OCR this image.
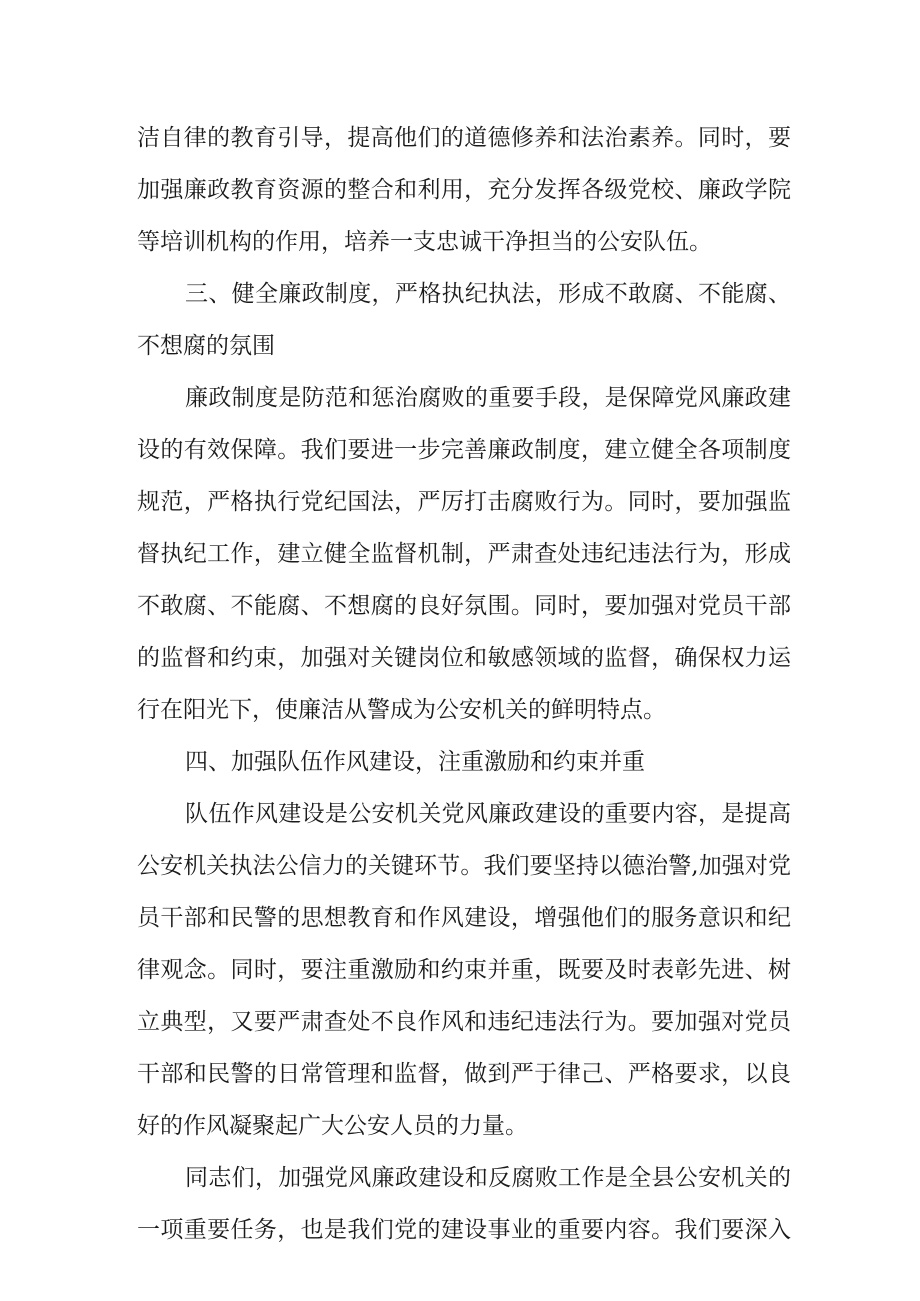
洁自律的教育引导，提高他们的道德修养和法治素养。同时，要
加强廉政教育资源的整合和利用，充分发挥各级党校、廉政学院
等培训机构的作用，培养一支忠诚干净担当的公安队伍。
三、健全廉政制度，严格执纪执法，形成不敢腐、不能腐、
不想腐的氛围
廉政制度是防范和惩治腐败的重要手段，是保障党风廉政建
设的有效保障。我们要进一步完善廉政制度，建立健全各项制度
规范，严格执行党纪国法，严厉打击腐败行为。同时，要加强监
督执纪工作，建立健全监督机制，严肃查处违纪违法行为，形成
不敢腐、不能腐、不想腐的良好氛围。同时，要加强对党员干部
的监督和约束，加强对关键岗位和敏感领域的监督，确保权力运
行在阳光下，使廉洁从警成为公安机关的鲜明特点。
四、加强队伍作风建设，注重激励和约束并重
队伍作风建设是公安机关党风廉政建设的重要内容，是提高
公安机关执法公信力的关键环节。我们要坚持以德治警,加强对党
员干部和民警的思想教育和作风建设，增强他们的服务意识和纪
律观念。同时，要注重激励和约束并重，既要及时表彰先进、树
立典型，又要严肃查处不良作风和违纪违法行为。要加强对党员
干部和民警的日常管理和监督，做到严于律己、严格要求，以良
好的作风凝聚起广大公安人员的力量。
同志们，加强党风廉政建设和反腐败工作是全县公安机关的
一项重要任务，也是我们党的建设事业的重要内容。我们要深入
